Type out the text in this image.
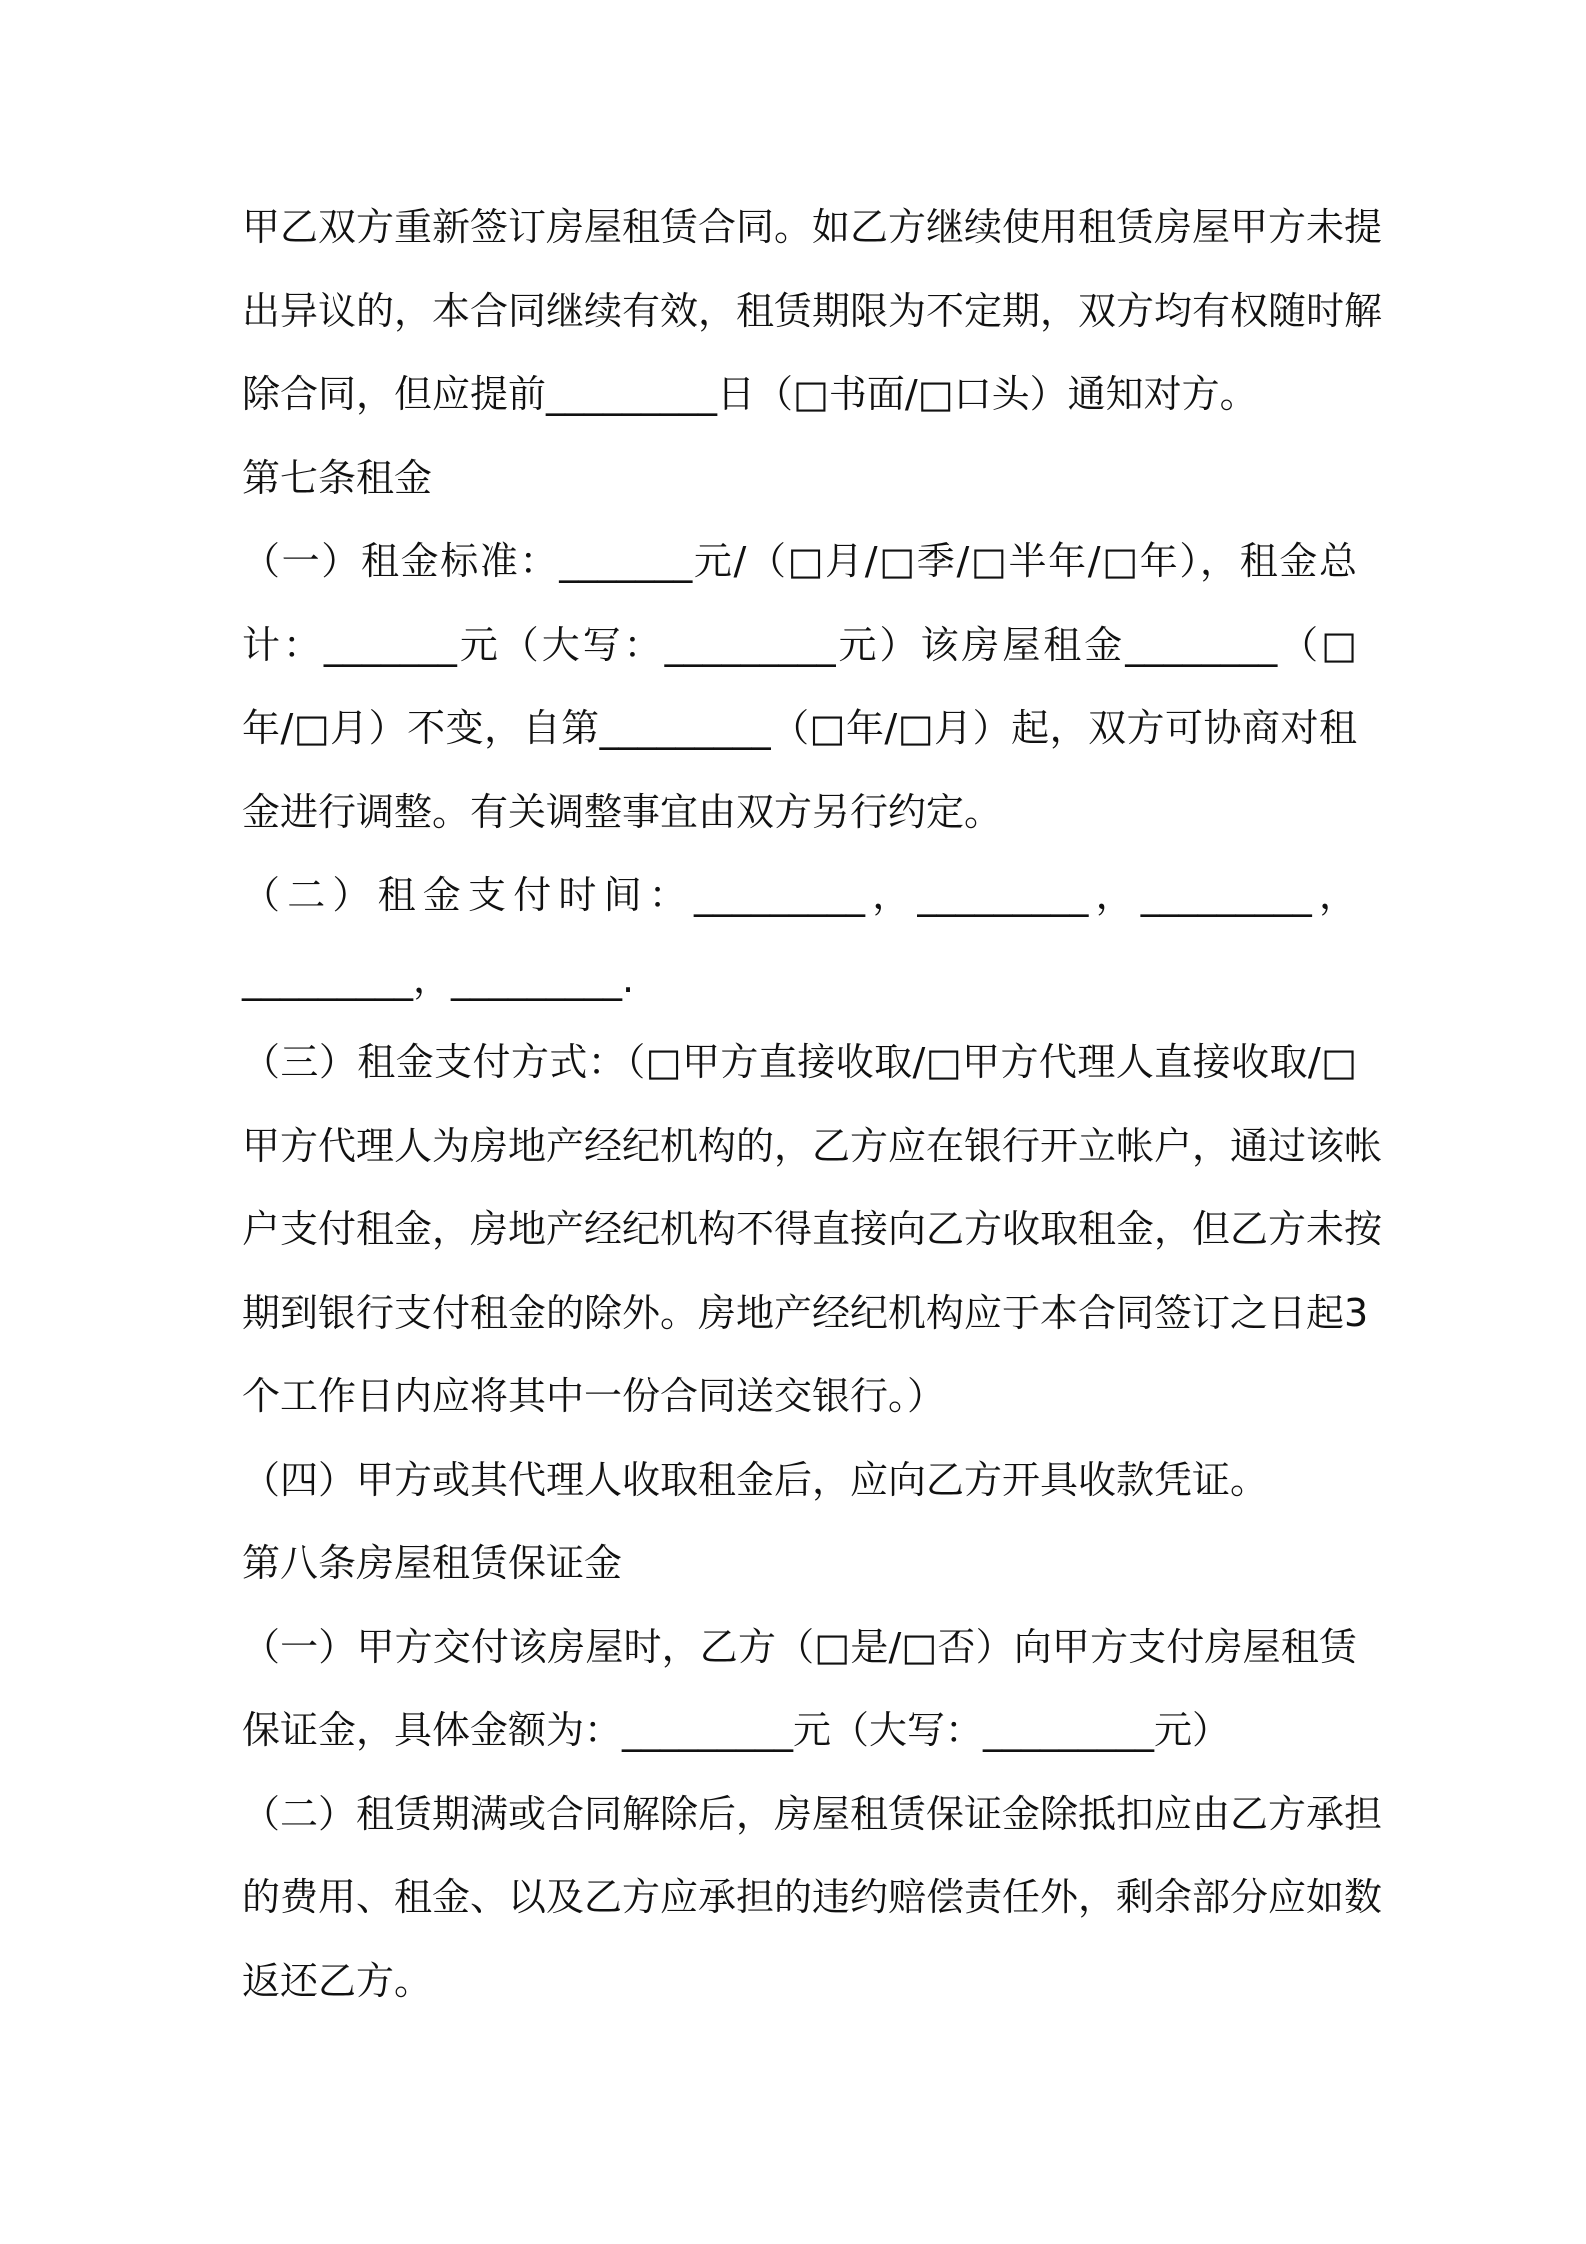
甲乙双方重新签订房屋租赁合同。如乙方继续使用租赁房屋甲方未提
出异议的，本合同继续有效，租赁期限为不定期，双方均有权随时解
除合同，但应提前_________日（□书面/□口头）通知对方。
第七条租金
（一）租金标准：_______元/（□月/□季/□半年/□年），租金总
计：_______元（大写：_________元）该房屋租金________（□
年/□月）不变，自第_________（□年/□月）起，双方可协商对租
金进行调整。有关调整事宜由双方另行约定。
（二）租金支付时间：_________，_________，_________，
_________，_________.
（三）租金支付方式：（□甲方直接收取/□甲方代理人直接收取/□
甲方代理人为房地产经纪机构的，乙方应在银行开立帐户，通过该帐
户支付租金，房地产经纪机构不得直接向乙方收取租金，但乙方未按
期到银行支付租金的除外。房地产经纪机构应于本合同签订之日起3
个工作日内应将其中一份合同送交银行。）
（四）甲方或其代理人收取租金后，应向乙方开具收款凭证。
第八条房屋租赁保证金
（一）甲方交付该房屋时，乙方（□是/□否）向甲方支付房屋租赁
保证金，具体金额为：_________元（大写：_________元）
（二）租赁期满或合同解除后，房屋租赁保证金除抵扣应由乙方承担
的费用、租金、以及乙方应承担的违约赔偿责任外，剩余部分应如数
返还乙方。
